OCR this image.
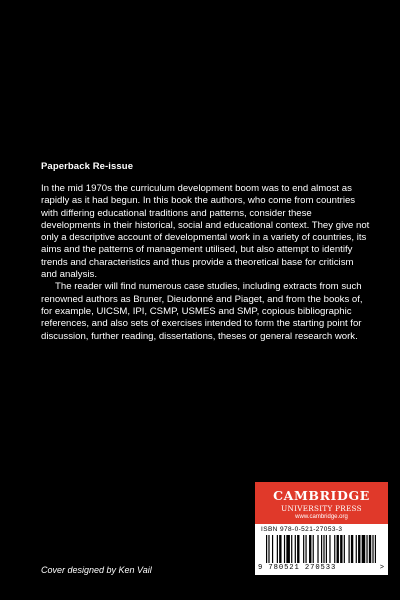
Paperback Re-issue

In the mid 1970s the curriculum development boom was to end almost as rapidly as it had begun. In this book the authors, who come from countries with differing educational traditions and patterns, consider these developments in their historical, social and educational context. They give not only a descriptive account of developmental work in a variety of countries, its aims and the patterns of management utilised, but also attempt to identify trends and characteristics and thus provide a theoretical base for criticism and analysis.

The reader will find numerous case studies, including extracts from such renowned authors as Bruner, Dieudonné and Piaget, and from the books of, for example, UICSM, IPI, CSMP, USMES and SMP, copious bibliographic references, and also sets of exercises intended to form the starting point for discussion, further reading, dissertations, theses or general research work.

Cover designed by Ken Vail
CAMBRIDGE
UNIVERSITY PRESS
www.cambridge.org
ISBN 978-0-521-27053-3
9 780521 270533	>
